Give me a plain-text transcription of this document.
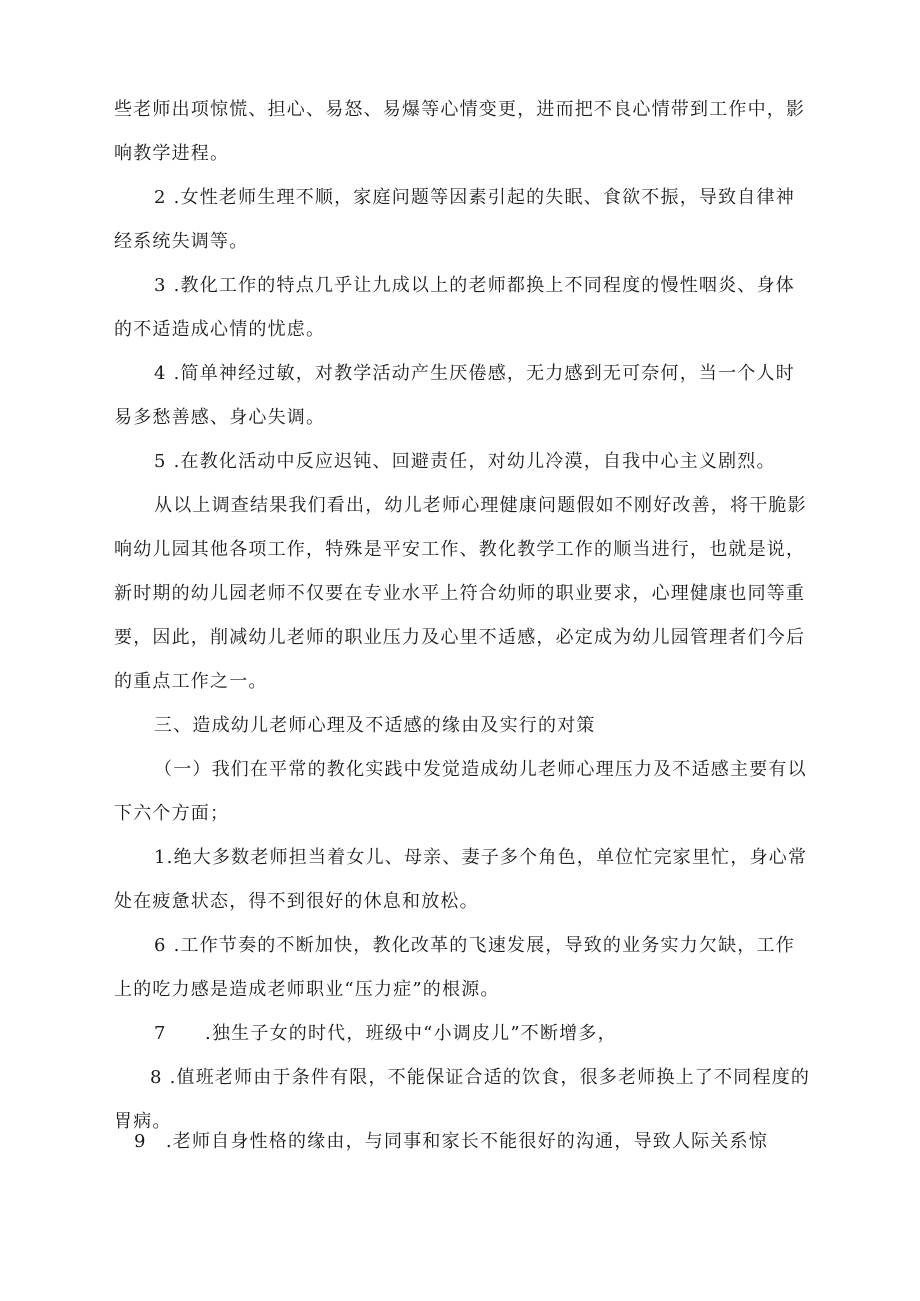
些老师出项惊慌、担心、易怒、易爆等心情变更，进而把不良心情带到工作中，影响教学进程。

2 .女性老师生理不顺，家庭问题等因素引起的失眠、食欲不振，导致自律神经系统失调等。

3 .教化工作的特点几乎让九成以上的老师都换上不同程度的慢性咽炎、身体的不适造成心情的忧虑。

4 .简单神经过敏，对教学活动产生厌倦感，无力感到无可奈何，当一个人时易多愁善感、身心失调。

5 .在教化活动中反应迟钝、回避责任，对幼儿冷漠，自我中心主义剧烈。

从以上调查结果我们看出，幼儿老师心理健康问题假如不刚好改善，将干脆影响幼儿园其他各项工作，特殊是平安工作、教化教学工作的顺当进行，也就是说，新时期的幼儿园老师不仅要在专业水平上符合幼师的职业要求，心理健康也同等重要，因此，削减幼儿老师的职业压力及心里不适感，必定成为幼儿园管理者们今后的重点工作之一。

三、造成幼儿老师心理及不适感的缘由及实行的对策

（一）我们在平常的教化实践中发觉造成幼儿老师心理压力及不适感主要有以下六个方面；

1.绝大多数老师担当着女儿、母亲、妻子多个角色，单位忙完家里忙，身心常处在疲惫状态，得不到很好的休息和放松。

6 .工作节奏的不断加快，教化改革的飞速发展，导致的业务实力欠缺，工作上的吃力感是造成老师职业“压力症”的根源。

7　　.独生子女的时代，班级中“小调皮儿”不断增多，

8 .值班老师由于条件有限，不能保证合适的饮食，很多老师换上了不同程度的胃病。

9　.老师自身性格的缘由，与同事和家长不能很好的沟通，导致人际关系惊
